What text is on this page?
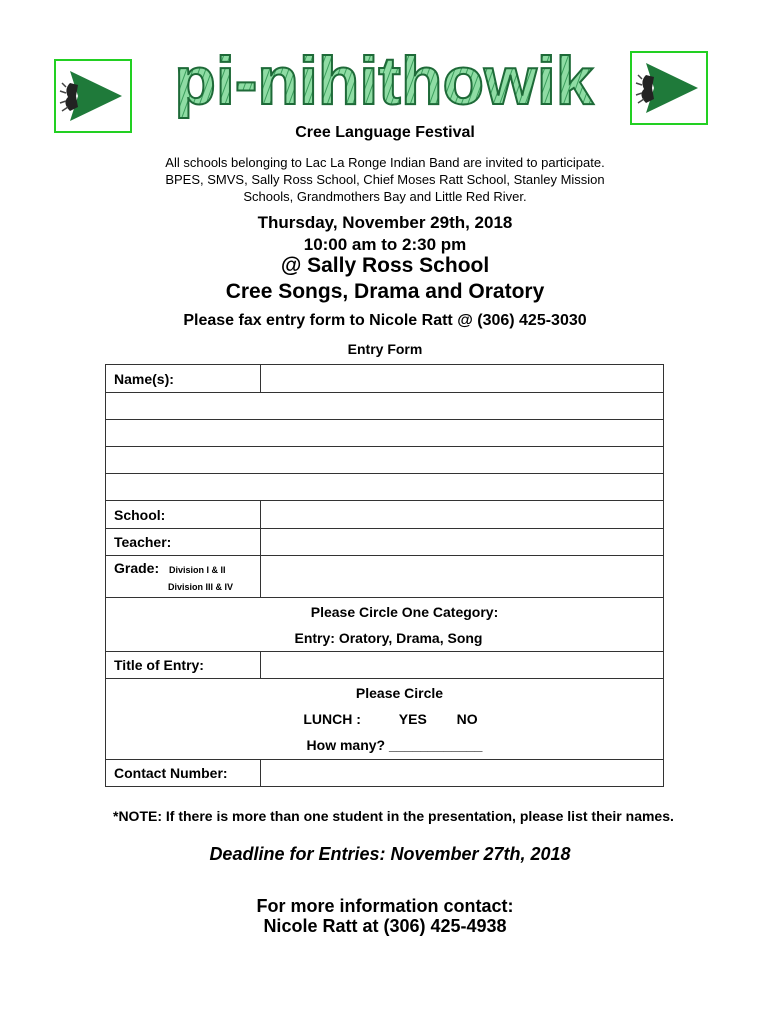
pi-nihithowik
Cree Language Festival
All schools belonging to Lac La Ronge Indian Band are invited to participate.
BPES, SMVS, Sally Ross School, Chief Moses Ratt School, Stanley Mission
Schools, Grandmothers Bay and Little Red River.
Thursday, November 29th, 2018
10:00 am to 2:30 pm
@ Sally Ross School
Cree Songs, Drama and Oratory
Please fax entry form to Nicole Ratt @ (306) 425-3030
Entry Form
Name(s):	

School:	
Teacher:	
Grade: Division I & II
Division III & IV	

Please Circle One Category:
Entry: Oratory, Drama, Song	

Title of Entry:	

Please Circle
LUNCH : YES NO
How many? ____________	

Contact Number:	
*NOTE: If there is more than one student in the presentation, please list their names.
Deadline for Entries: November 27th, 2018
For more information contact:
Nicole Ratt at (306) 425-4938
